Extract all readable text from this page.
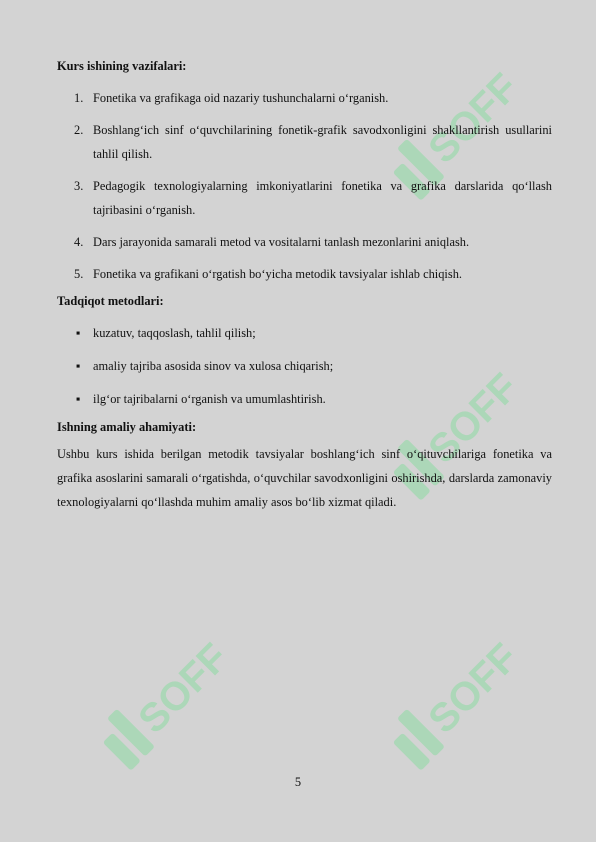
SOFF
SOFF
SOFF	SOFF

Kurs ishining vazifalari:

1. Fonetika va grafikaga oid nazariy tushunchalarni o‘rganish.
2. Boshlang‘ich sinf o‘quvchilarining fonetik-grafik savodxonligini shakllantirish usullarini tahlil qilish.
3. Pedagogik texnologiyalarning imkoniyatlarini fonetika va grafika darslarida qo‘llash tajribasini o‘rganish.
4. Dars jarayonida samarali metod va vositalarni tanlash mezonlarini aniqlash.
5. Fonetika va grafikani o‘rgatish bo‘yicha metodik tavsiyalar ishlab chiqish.

Tadqiqot metodlari:

▪ kuzatuv, taqqoslash, tahlil qilish;
▪ amaliy tajriba asosida sinov va xulosa chiqarish;
▪ ilg‘or tajribalarni o‘rganish va umumlashtirish.

Ishning amaliy ahamiyati:

Ushbu kurs ishida berilgan metodik tavsiyalar boshlang‘ich sinf o‘qituvchilariga fonetika va grafika asoslarini samarali o‘rgatishda, o‘quvchilar savodxonligini oshirishda, darslarda zamonaviy texnologiyalarni qo‘llashda muhim amaliy asos bo‘lib xizmat qiladi.

5
